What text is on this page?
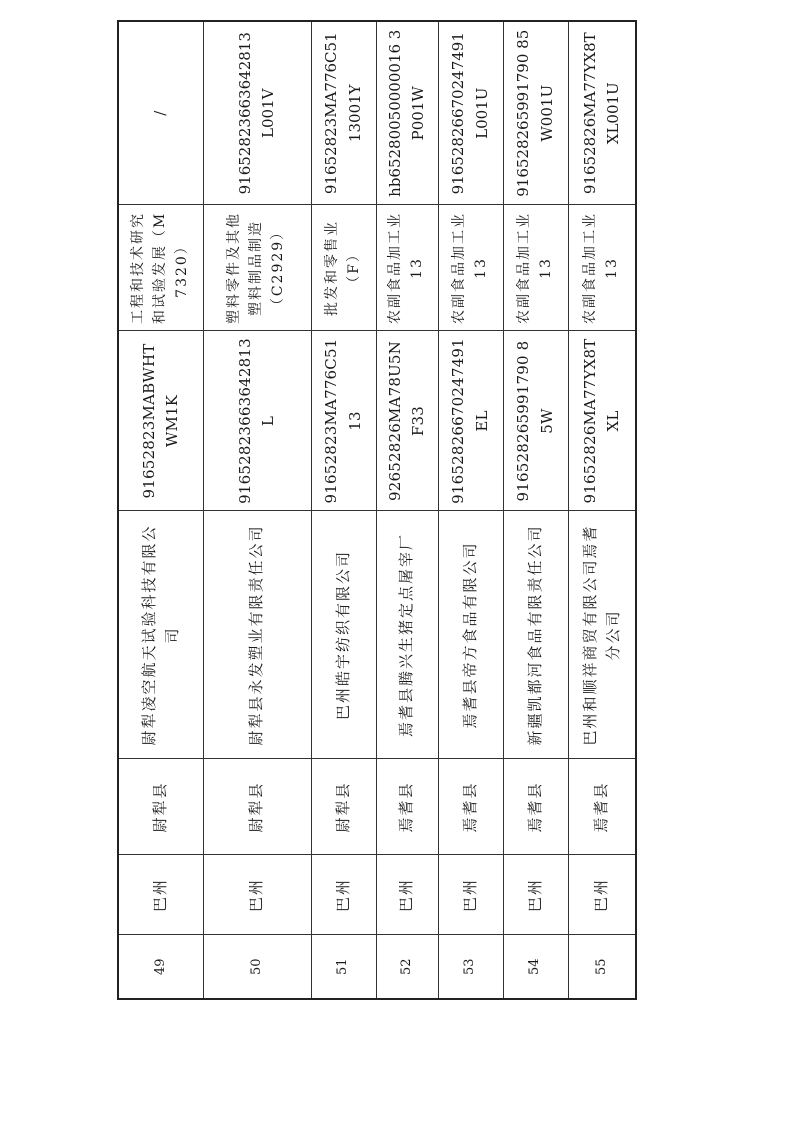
49	巴州	尉犁县	尉犁凌空航天试验科技有限公司	91652823MABWHTWM1K	工程和技术研究和试验发展（M7320）	/
50	巴州	尉犁县	尉犁县永发塑业有限责任公司	91652823663642813L	塑料零件及其他塑料制品制造（C2929）	91652823663642813L001V
51	巴州	尉犁县	巴州皓宇纺织有限公司	91652823MA776C5113	批发和零售业（F）	91652823MA776C5113001Y
52	巴州	焉耆县	焉耆县腾兴生猪定点屠宰厂	92652826MA78U5NF33	农副食品加工业13	hb65280050000016 3P001W
53	巴州	焉耆县	焉耆县帝方食品有限公司	91652826670247491EL	农副食品加工业13	91652826670247491L001U
54	巴州	焉耆县	新疆凯都河食品有限责任公司	916528265991790 85W	农副食品加工业13	916528265991790 85W001U
55	巴州	焉耆县	巴州和顺祥商贸有限公司焉耆分公司	91652826MA77YX8TXL	农副食品加工业13	91652826MA77YX8TXL001U
